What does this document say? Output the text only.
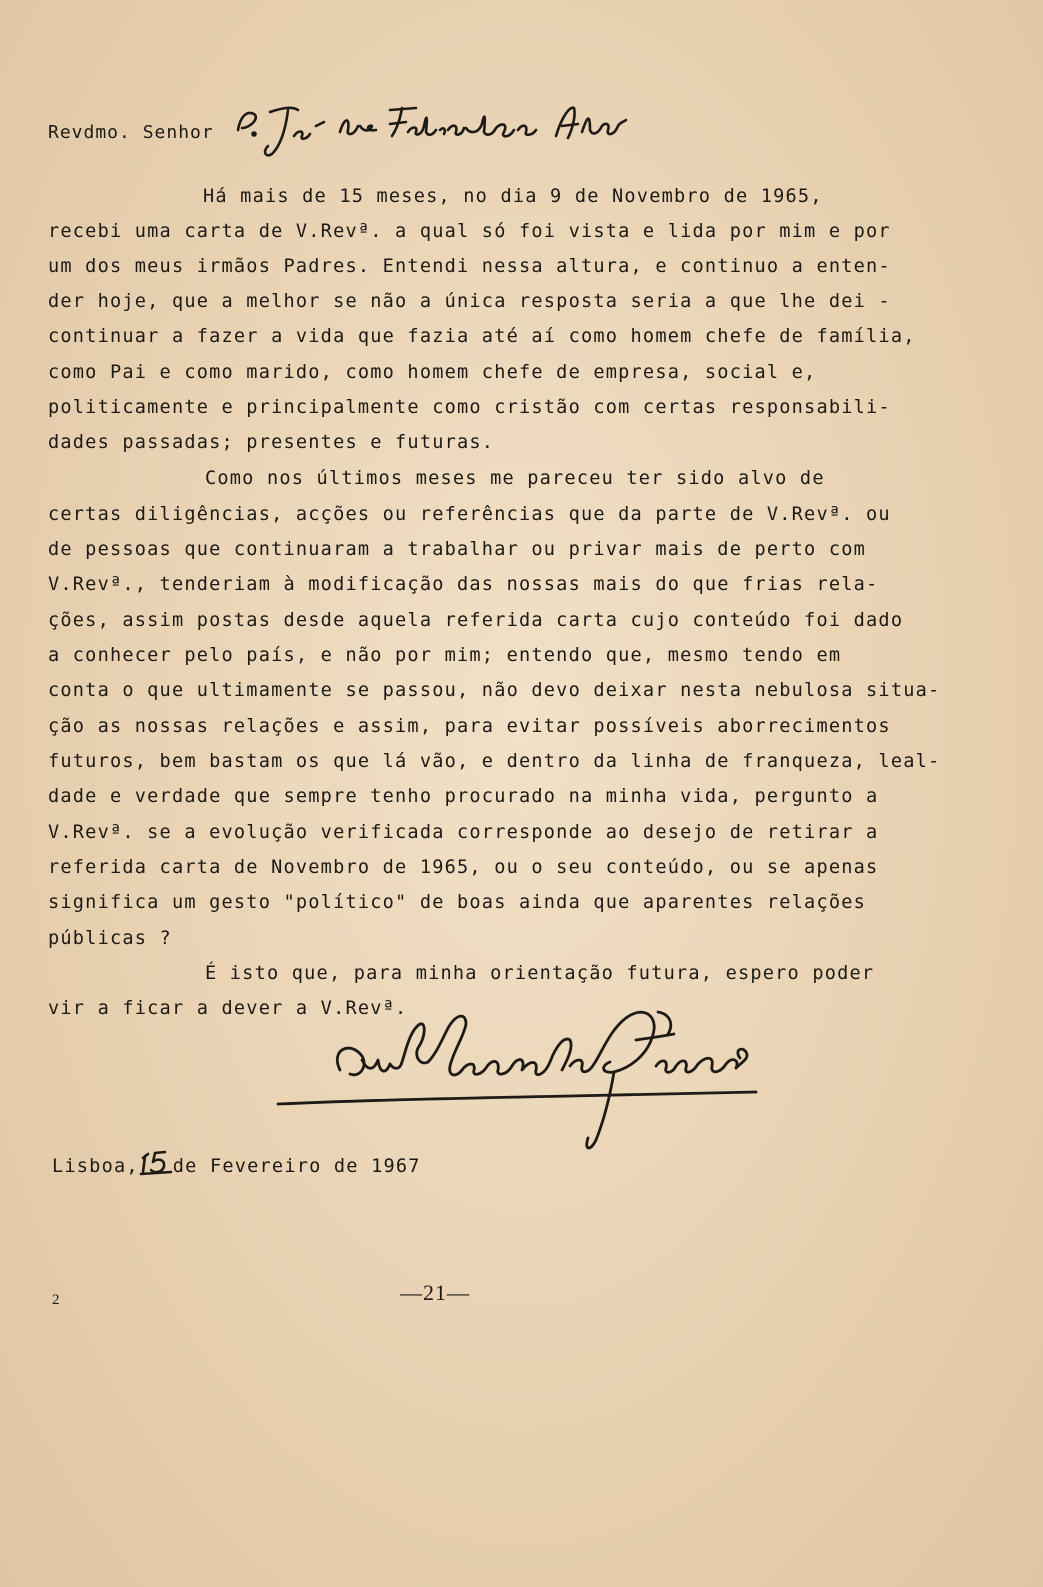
Revdmo. Senhor
Há mais de 15 meses, no dia 9 de Novembro de 1965,
recebi uma carta de V.Revª. a qual só foi vista e lida por mim e por
um dos meus irmãos Padres. Entendi nessa altura, e continuo a enten-
der hoje, que a melhor se não a única resposta seria a que lhe dei -
continuar a fazer a vida que fazia até aí como homem chefe de família,
como Pai e como marido, como homem chefe de empresa, social e,
politicamente e principalmente como cristão com certas responsabili-
dades passadas; presentes e futuras.
Como nos últimos meses me pareceu ter sido alvo de
certas diligências, acções ou referências que da parte de V.Revª. ou
de pessoas que continuaram a trabalhar ou privar mais de perto com
V.Revª., tenderiam à modificação das nossas mais do que frias rela-
ções, assim postas desde aquela referida carta cujo conteúdo foi dado
a conhecer pelo país, e não por mim; entendo que, mesmo tendo em
conta o que ultimamente se passou, não devo deixar nesta nebulosa situa-
ção as nossas relações e assim, para evitar possíveis aborrecimentos
futuros, bem bastam os que lá vão, e dentro da linha de franqueza, leal-
dade e verdade que sempre tenho procurado na minha vida, pergunto a
V.Revª. se a evolução verificada corresponde ao desejo de retirar a
referida carta de Novembro de 1965, ou o seu conteúdo, ou se apenas
significa um gesto "político" de boas ainda que aparentes relações
públicas ?
É isto que, para minha orientação futura, espero poder
vir a ficar a dever a V.Revª.
Lisboa, de Fevereiro de 1967
2	—21—
